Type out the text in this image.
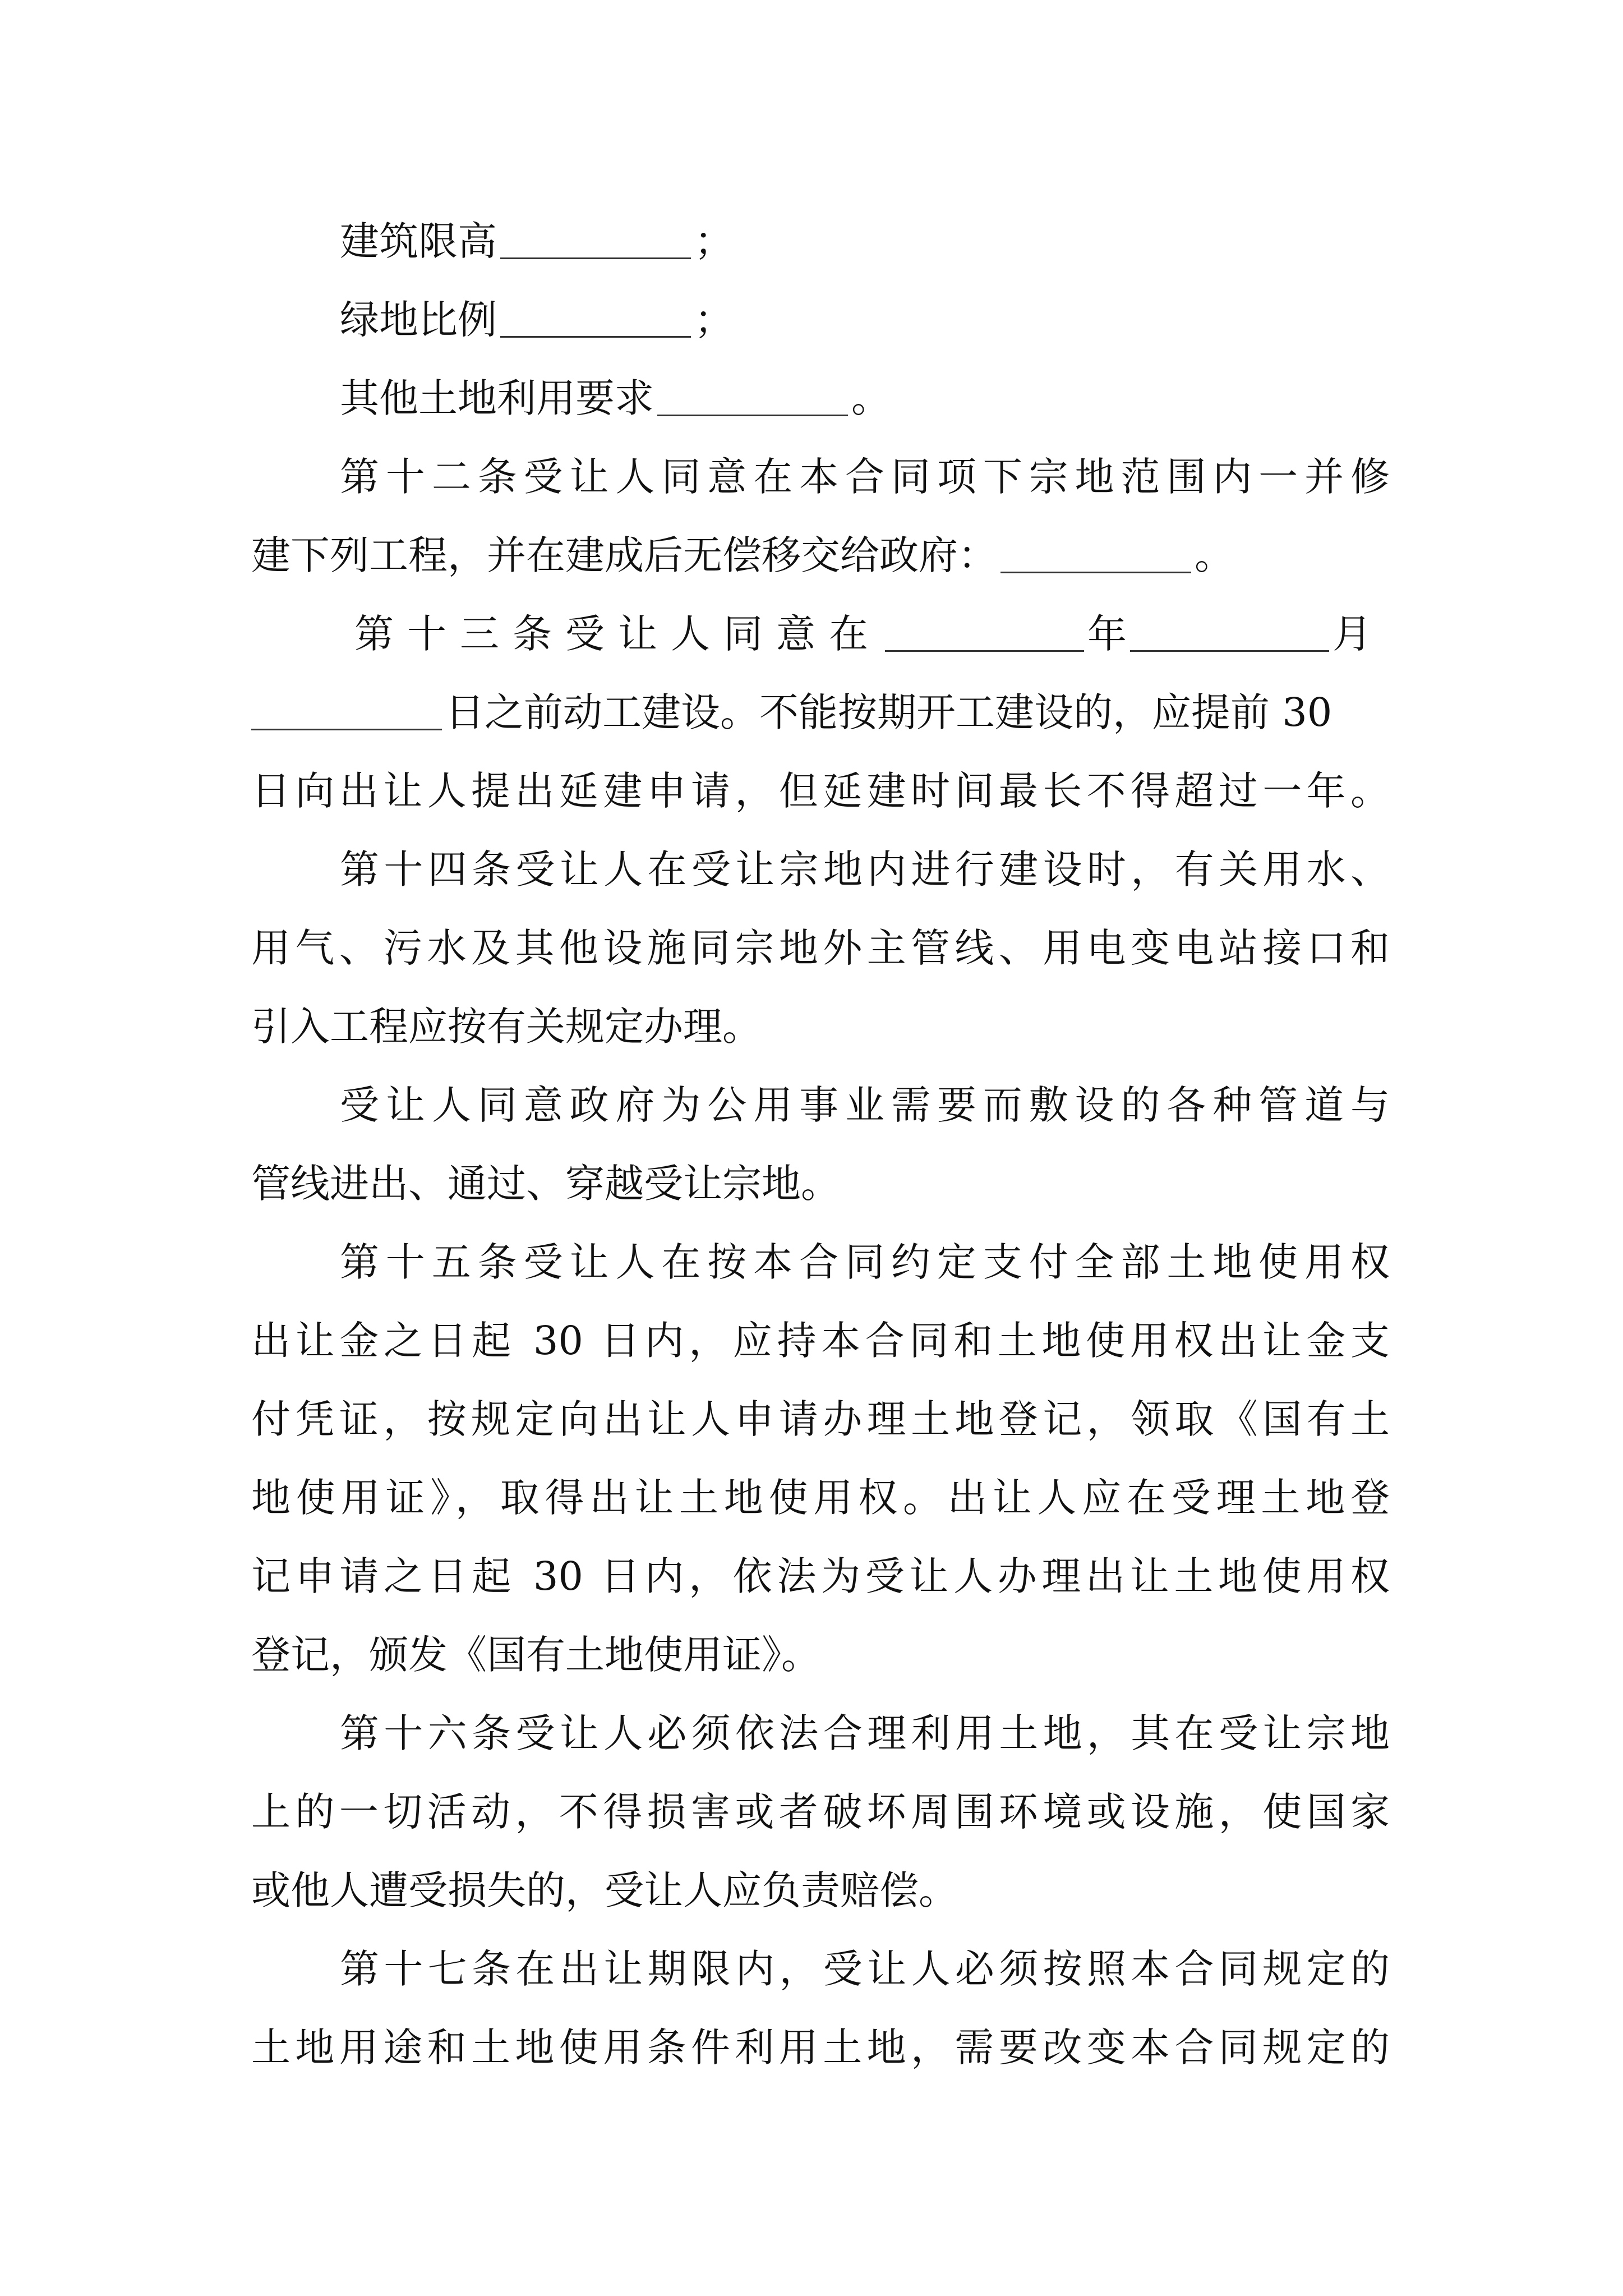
建筑限高	；
绿地比例	；
其他土地利用要求	。
第十二条受让人同意在本合同项下宗地范围内一并修
建下列工程，并在建成后无偿移交给政府：	。
第十三条受让人同意在	年	月
日之前动工建设。不能按期开工建设的，应提前 30
日向出让人提出延建申请，但延建时间最长不得超过一年。
第十四条受让人在受让宗地内进行建设时，有关用水、
用气、污水及其他设施同宗地外主管线、用电变电站接口和
引入工程应按有关规定办理。
受让人同意政府为公用事业需要而敷设的各种管道与
管线进出、通过、穿越受让宗地。
第十五条受让人在按本合同约定支付全部土地使用权
出让金之日起 30 日内，应持本合同和土地使用权出让金支
付凭证，按规定向出让人申请办理土地登记，领取《国有土
地使用证》，取得出让土地使用权。出让人应在受理土地登
记申请之日起 30 日内，依法为受让人办理出让土地使用权
登记，颁发《国有土地使用证》。
第十六条受让人必须依法合理利用土地，其在受让宗地
上的一切活动，不得损害或者破坏周围环境或设施，使国家
或他人遭受损失的，受让人应负责赔偿。
第十七条在出让期限内，受让人必须按照本合同规定的
土地用途和土地使用条件利用土地，需要改变本合同规定的
